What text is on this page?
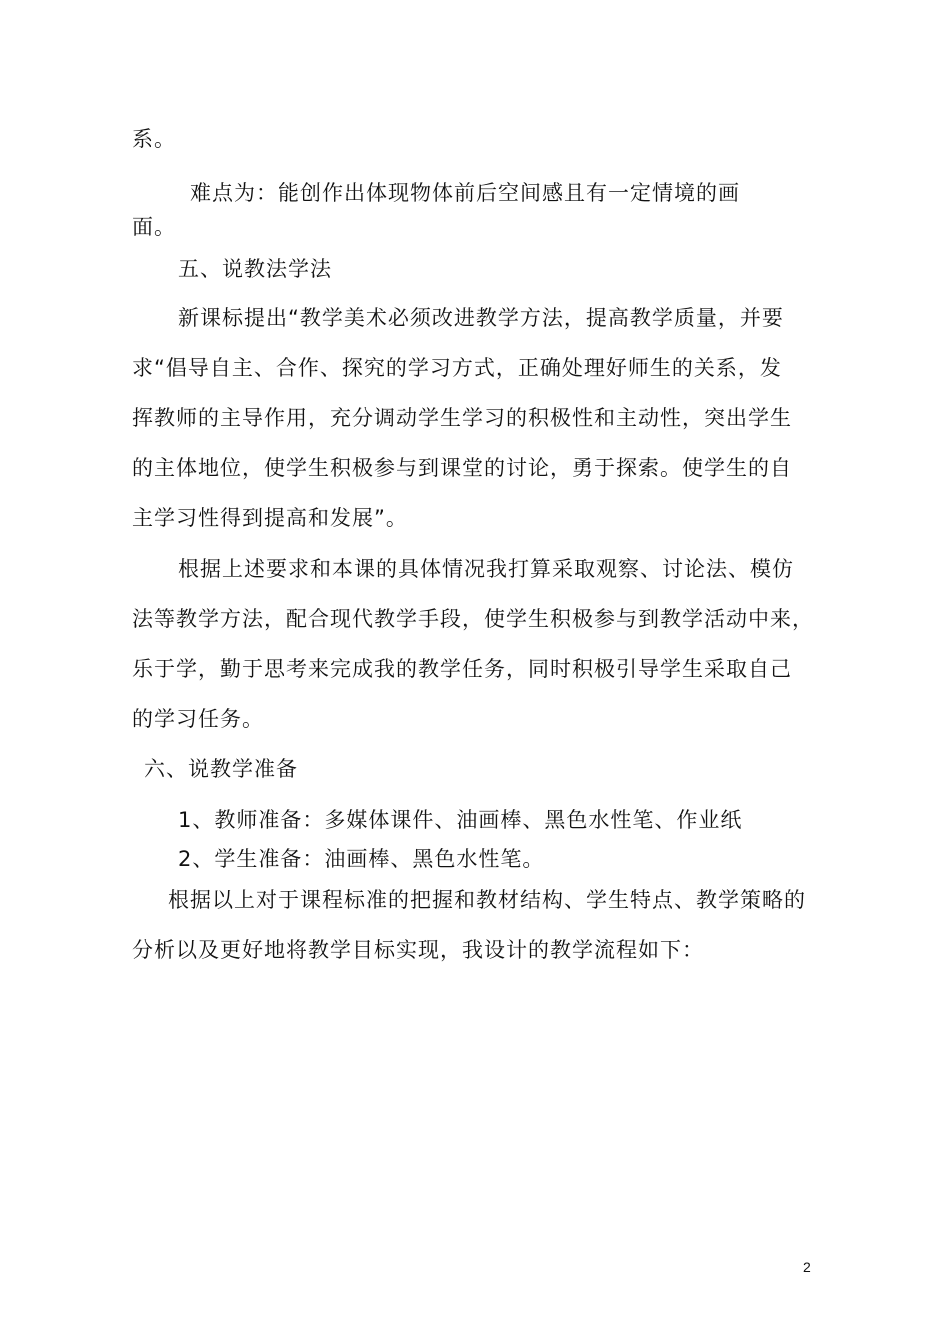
系。
难点为：能创作出体现物体前后空间感且有一定情境的画
面。
五、说教法学法
新课标提出“教学美术必须改进教学方法，提高教学质量，并要
求“倡导自主、合作、探究的学习方式，正确处理好师生的关系，发
挥教师的主导作用，充分调动学生学习的积极性和主动性，突出学生
的主体地位，使学生积极参与到课堂的讨论，勇于探索。使学生的自
主学习性得到提高和发展”。
根据上述要求和本课的具体情况我打算采取观察、讨论法、模仿
法等教学方法，配合现代教学手段，使学生积极参与到教学活动中来，
乐于学，勤于思考来完成我的教学任务，同时积极引导学生采取自己
的学习任务。
六、说教学准备
1、教师准备：多媒体课件、油画棒、黑色水性笔、作业纸
2、学生准备：油画棒、黑色水性笔。
根据以上对于课程标准的把握和教材结构、学生特点、教学策略的
分析以及更好地将教学目标实现，我设计的教学流程如下：
2
